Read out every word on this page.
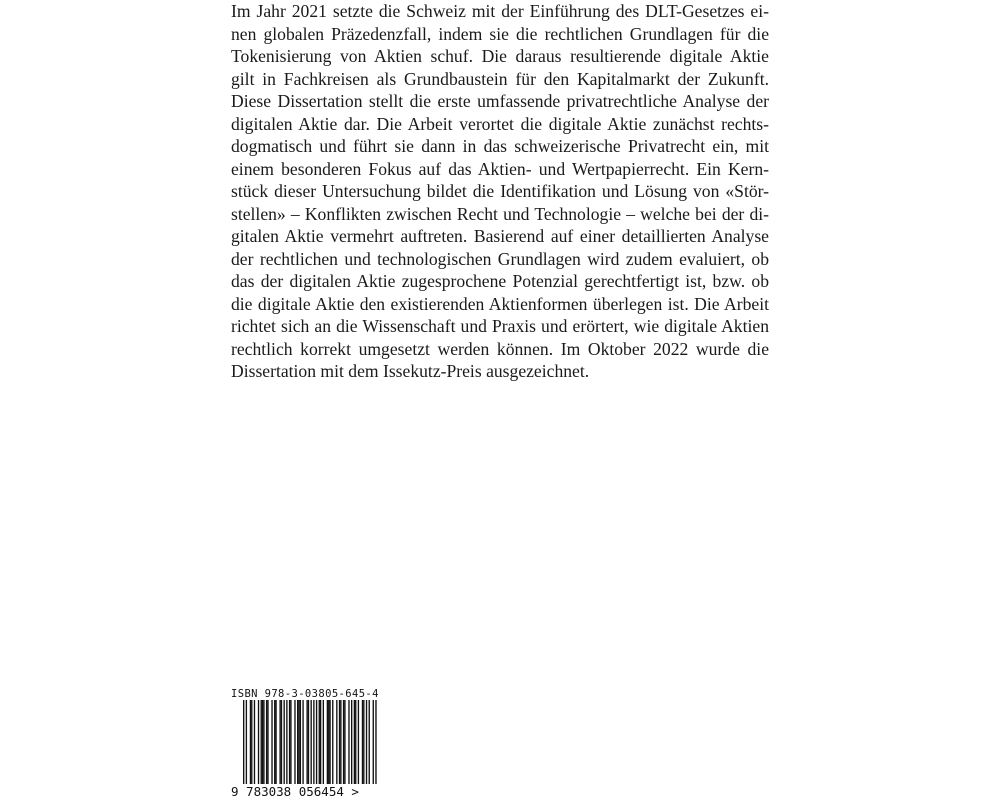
Im Jahr 2021 setzte die Schweiz mit der Einführung des DLT-Gesetzes ei-
nen globalen Präzedenzfall, indem sie die rechtlichen Grundlagen für die
Tokenisierung von Aktien schuf. Die daraus resultierende digitale Aktie
gilt in Fachkreisen als Grundbaustein für den Kapitalmarkt der Zukunft.
Diese Dissertation stellt die erste umfassende privatrechtliche Analyse der
digitalen Aktie dar. Die Arbeit verortet die digitale Aktie zunächst rechts-
dogmatisch und führt sie dann in das schweizerische Privatrecht ein, mit
einem besonderen Fokus auf das Aktien- und Wertpapierrecht. Ein Kern-
stück dieser Untersuchung bildet die Identifikation und Lösung von «Stör-
stellen» – Konflikten zwischen Recht und Technologie – welche bei der di-
gitalen Aktie vermehrt auftreten. Basierend auf einer detaillierten Analyse
der rechtlichen und technologischen Grundlagen wird zudem evaluiert, ob
das der digitalen Aktie zugesprochene Potenzial gerechtfertigt ist, bzw. ob
die digitale Aktie den existierenden Aktienformen überlegen ist. Die Arbeit
richtet sich an die Wissenschaft und Praxis und erörtert, wie digitale Aktien
rechtlich korrekt umgesetzt werden können. Im Oktober 2022 wurde die
Dissertation mit dem Issekutz-Preis ausgezeichnet.
ISBN 978-3-03805-645-4
9 783038 056454 >
